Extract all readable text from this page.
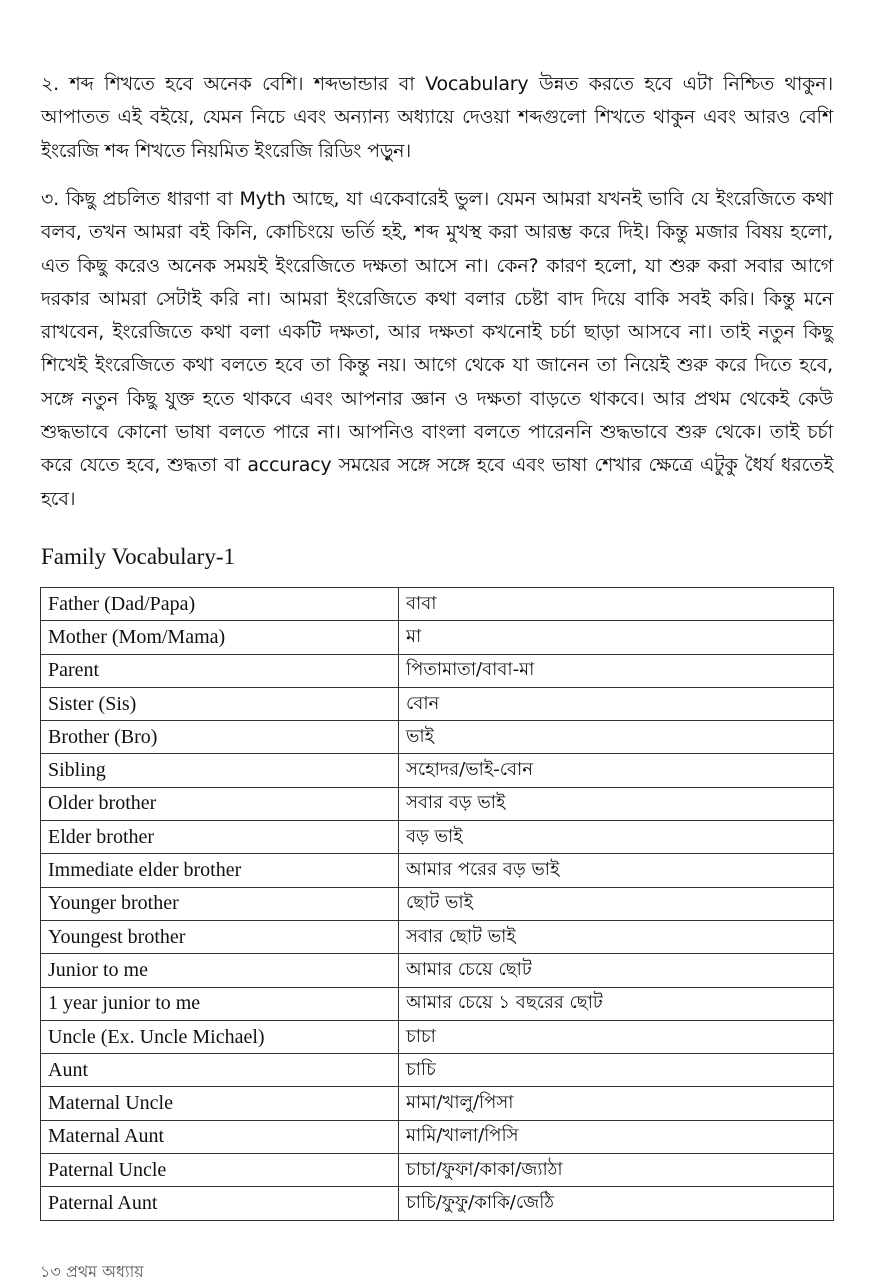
২. শব্দ শিখতে হবে অনেক বেশি। শব্দভান্ডার বা Vocabulary উন্নত করতে হবে এটা নিশ্চিত থাকুন। আপাতত এই বইয়ে, যেমন নিচে এবং অন্যান্য অধ্যায়ে দেওয়া শব্দগুলো শিখতে থাকুন এবং আরও বেশি ইংরেজি শব্দ শিখতে নিয়মিত ইংরেজি রিডিং পড়ুন।

৩. কিছু প্রচলিত ধারণা বা Myth আছে, যা একেবারেই ভুল। যেমন আমরা যখনই ভাবি যে ইংরেজিতে কথা বলব, তখন আমরা বই কিনি, কোচিংয়ে ভর্তি হই, শব্দ মুখস্থ করা আরম্ভ করে দিই। কিন্তু মজার বিষয় হলো, এত কিছু করেও অনেক সময়ই ইংরেজিতে দক্ষতা আসে না। কেন? কারণ হলো, যা শুরু করা সবার আগে দরকার আমরা সেটাই করি না। আমরা ইংরেজিতে কথা বলার চেষ্টা বাদ দিয়ে বাকি সবই করি। কিন্তু মনে রাখবেন, ইংরেজিতে কথা বলা একটি দক্ষতা, আর দক্ষতা কখনোই চর্চা ছাড়া আসবে না। তাই নতুন কিছু শিখেই ইংরেজিতে কথা বলতে হবে তা কিন্তু নয়। আগে থেকে যা জানেন তা নিয়েই শুরু করে দিতে হবে, সঙ্গে নতুন কিছু যুক্ত হতে থাকবে এবং আপনার জ্ঞান ও দক্ষতা বাড়তে থাকবে। আর প্রথম থেকেই কেউ শুদ্ধভাবে কোনো ভাষা বলতে পারে না। আপনিও বাংলা বলতে পারেননি শুদ্ধভাবে শুরু থেকে। তাই চর্চা করে যেতে হবে, শুদ্ধতা বা accuracy সময়ের সঙ্গে সঙ্গে হবে এবং ভাষা শেখার ক্ষেত্রে এটুকু ধৈর্য ধরতেই হবে।

Family Vocabulary-1
Father (Dad/Papa)	বাবা
Mother (Mom/Mama)	মা
Parent	পিতামাতা/বাবা-মা
Sister (Sis)	বোন
Brother (Bro)	ভাই
Sibling	সহোদর/ভাই-বোন
Older brother	সবার বড় ভাই
Elder brother	বড় ভাই
Immediate elder brother	আমার পরের বড় ভাই
Younger brother	ছোট ভাই
Youngest brother	সবার ছোট ভাই
Junior to me	আমার চেয়ে ছোট
1 year junior to me	আমার চেয়ে ১ বছরের ছোট
Uncle (Ex. Uncle Michael)	চাচা
Aunt	চাচি
Maternal Uncle	মামা/খালু/পিসা
Maternal Aunt	মামি/খালা/পিসি
Paternal Uncle	চাচা/ফুফা/কাকা/জ্যাঠা
Paternal Aunt	চাচি/ফুফু/কাকি/জেঠি
১৩ প্রথম অধ্যায়
